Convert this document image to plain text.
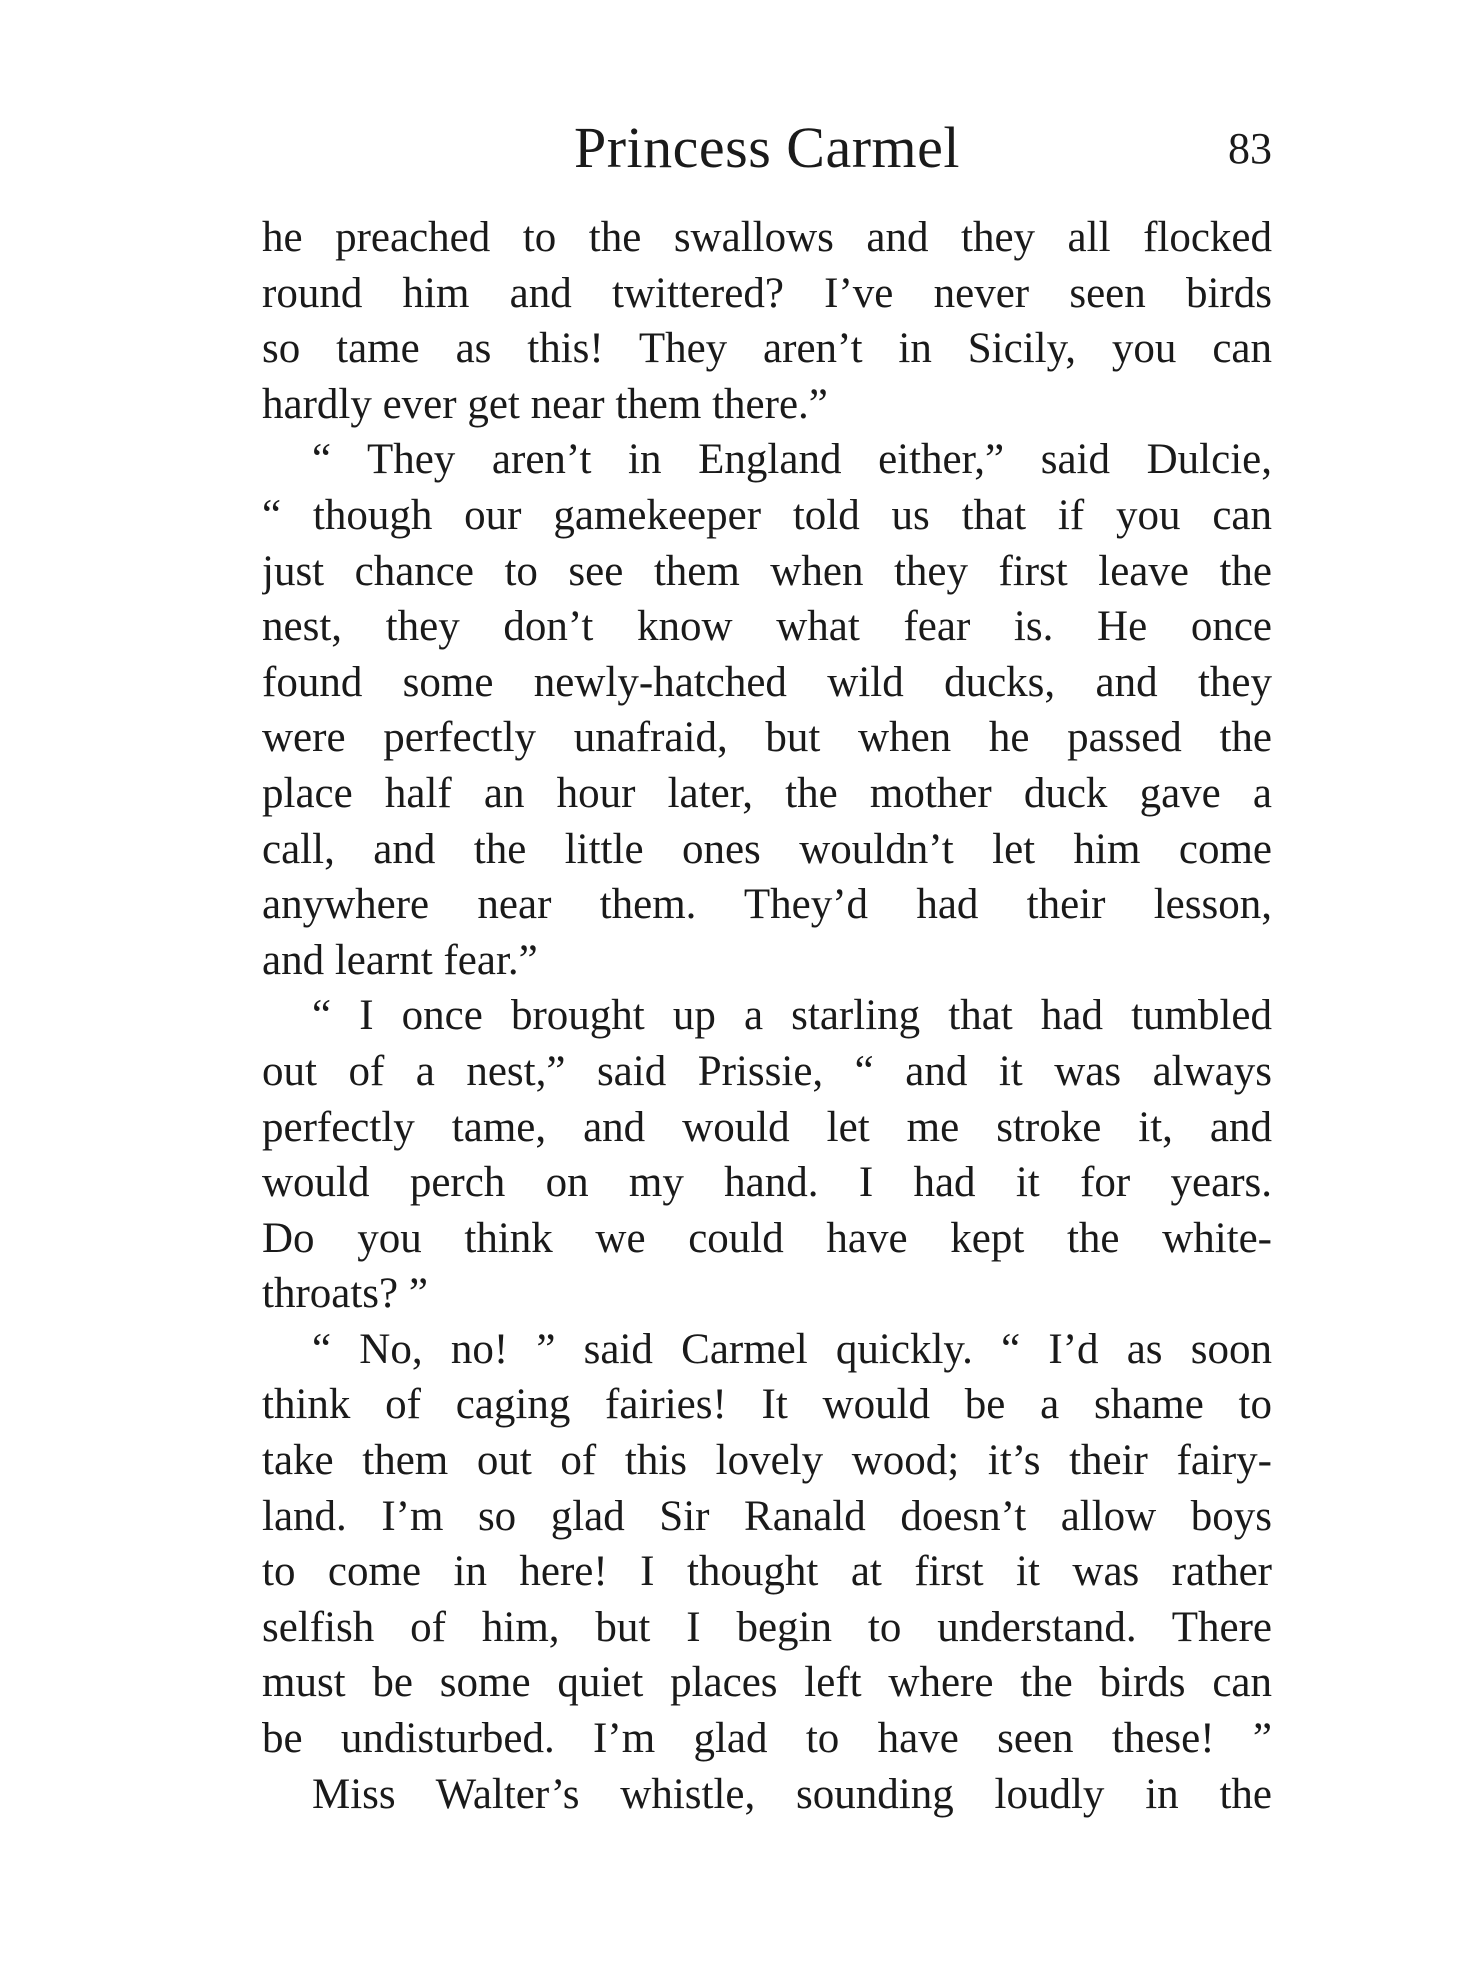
Princess Carmel	83
he preached to the swallows and they all flocked
round him and twittered? I’ve never seen birds
so tame as this! They aren’t in Sicily, you can
hardly ever get near them there.”
“ They aren’t in England either,” said Dulcie,
“ though our gamekeeper told us that if you can
just chance to see them when they first leave the
nest, they don’t know what fear is. He once
found some newly-hatched wild ducks, and they
were perfectly unafraid, but when he passed the
place half an hour later, the mother duck gave a
call, and the little ones wouldn’t let him come
anywhere near them. They’d had their lesson,
and learnt fear.”
“ I once brought up a starling that had tumbled
out of a nest,” said Prissie, “ and it was always
perfectly tame, and would let me stroke it, and
would perch on my hand. I had it for years.
Do you think we could have kept the white-
throats? ”
“ No, no! ” said Carmel quickly. “ I’d as soon
think of caging fairies! It would be a shame to
take them out of this lovely wood; it’s their fairy-
land. I’m so glad Sir Ranald doesn’t allow boys
to come in here! I thought at first it was rather
selfish of him, but I begin to understand. There
must be some quiet places left where the birds can
be undisturbed. I’m glad to have seen these! ”
Miss Walter’s whistle, sounding loudly in the
